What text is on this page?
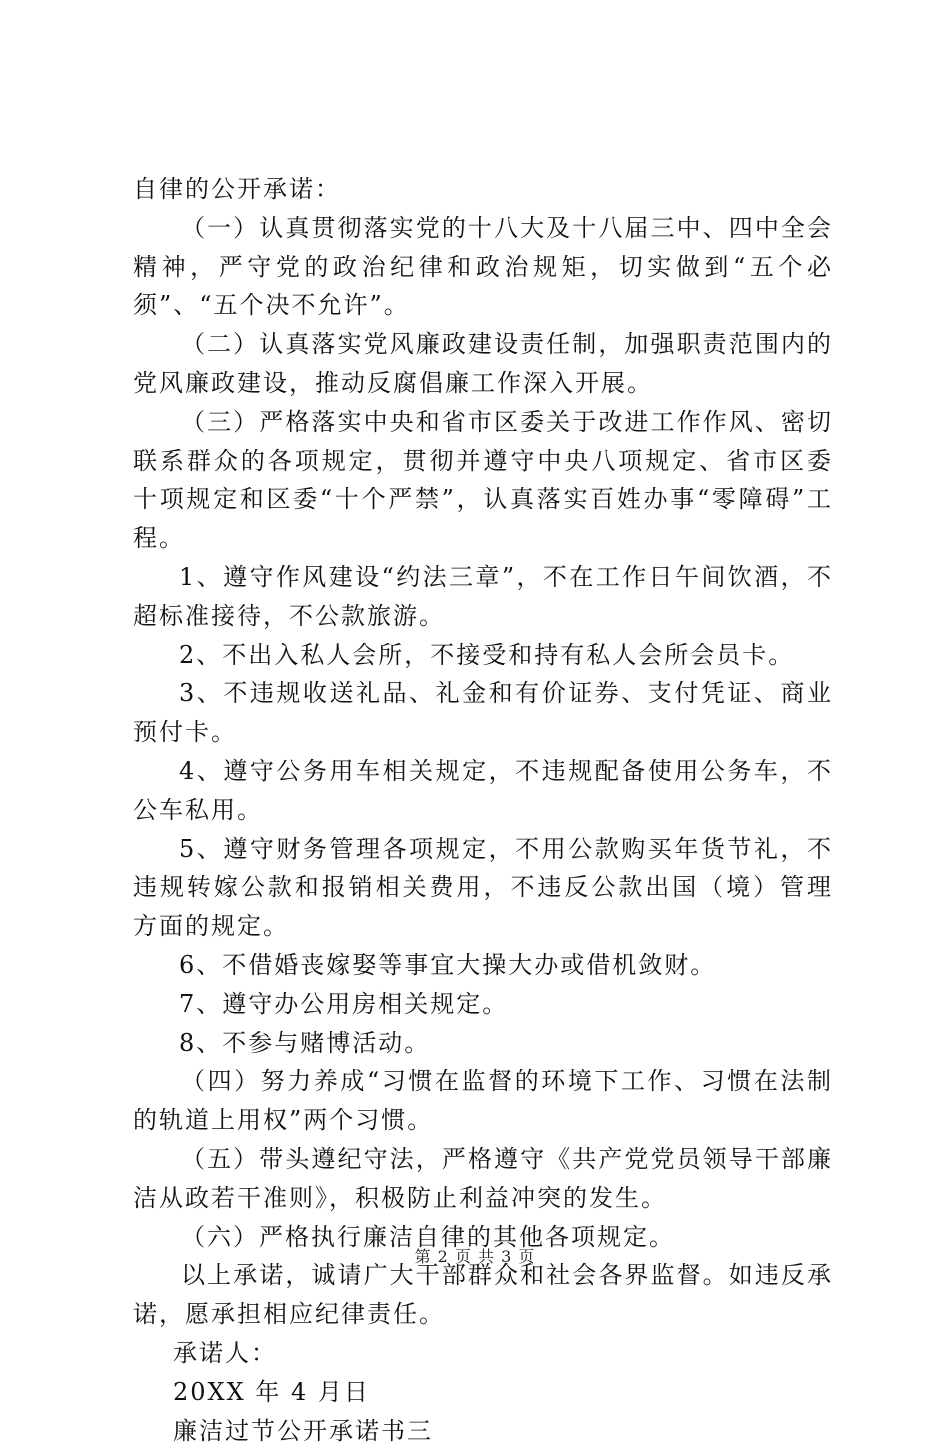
自律的公开承诺：

（一）认真贯彻落实党的十八大及十八届三中、四中全会精神，严守党的政治纪律和政治规矩，切实做到“五个必须”、“五个决不允许”。

（二）认真落实党风廉政建设责任制，加强职责范围内的党风廉政建设，推动反腐倡廉工作深入开展。

（三）严格落实中央和省市区委关于改进工作作风、密切联系群众的各项规定，贯彻并遵守中央八项规定、省市区委十项规定和区委“十个严禁”，认真落实百姓办事“零障碍”工程。

1、遵守作风建设“约法三章”，不在工作日午间饮酒，不超标准接待，不公款旅游。

2、不出入私人会所，不接受和持有私人会所会员卡。

3、不违规收送礼品、礼金和有价证券、支付凭证、商业预付卡。

4、遵守公务用车相关规定，不违规配备使用公务车，不公车私用。

5、遵守财务管理各项规定，不用公款购买年货节礼，不违规转嫁公款和报销相关费用，不违反公款出国（境）管理方面的规定。

6、不借婚丧嫁娶等事宜大操大办或借机敛财。

7、遵守办公用房相关规定。

8、不参与赌博活动。

（四）努力养成“习惯在监督的环境下工作、习惯在法制的轨道上用权”两个习惯。

（五）带头遵纪守法，严格遵守《共产党党员领导干部廉洁从政若干准则》，积极防止利益冲突的发生。

（六）严格执行廉洁自律的其他各项规定。

以上承诺，诚请广大干部群众和社会各界监督。如违反承诺，愿承担相应纪律责任。

承诺人：

20XX 年 4 月日

廉洁过节公开承诺书三

第 2 页 共 3 页
